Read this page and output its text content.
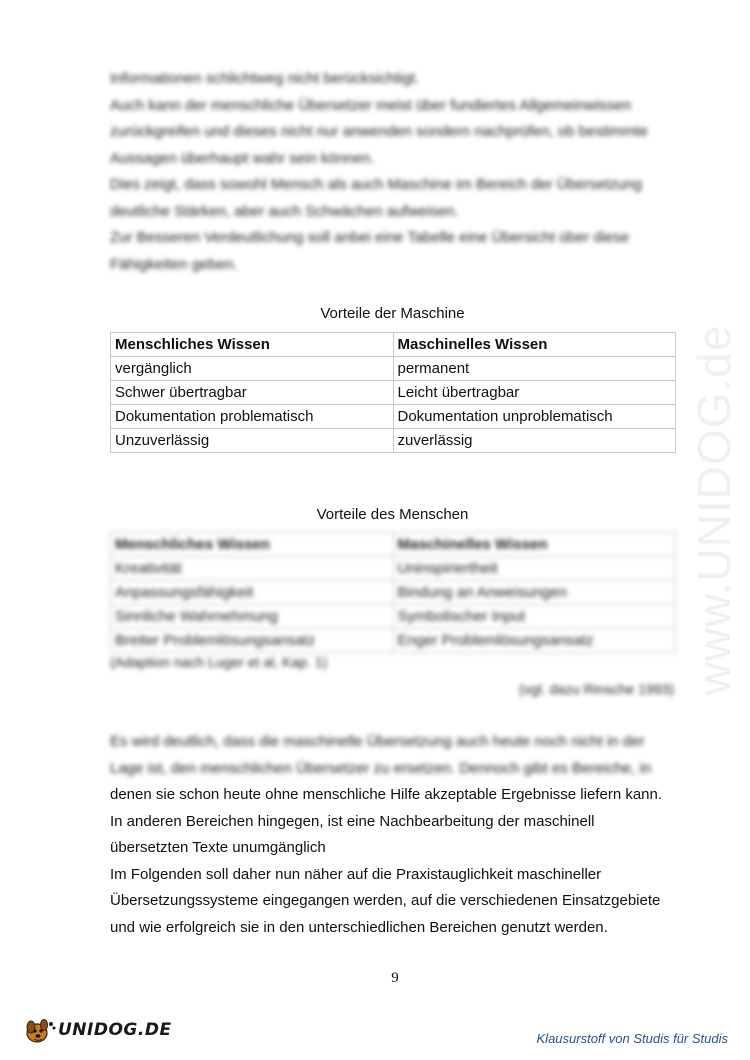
www.UNIDOG.de

Informationen schlichtweg nicht berücksichtigt.

Auch kann der menschliche Übersetzer meist über fundiertes Allgemeinwissen

zurückgreifen und dieses nicht nur anwenden sondern nachprüfen, ob bestimmte

Aussagen überhaupt wahr sein können.

Dies zeigt, dass sowohl Mensch als auch Maschine im Bereich der Übersetzung

deutliche Stärken, aber auch Schwächen aufweisen.

Zur Besseren Verdeutlichung soll anbei eine Tabelle eine Übersicht über diese

Fähigkeiten geben.

Vorteile der Maschine
Menschliches Wissen	Maschinelles Wissen
vergänglich	permanent
Schwer übertragbar	Leicht übertragbar
Dokumentation problematisch	Dokumentation unproblematisch
Unzuverlässig	zuverlässig
Vorteile des Menschen
Menschliches Wissen	Maschinelles Wissen
Kreativität	Uninspiriertheit
Anpassungsfähigkeit	Bindung an Anweisungen
Sinnliche Wahrnehmung	Symbolischer Input
Breiter Problemlösungsansatz	Enger Problemlösungsansatz
(Adaption nach Luger et al, Kap. 1)
(vgl. dazu Rinsche 1993)

Es wird deutlich, dass die maschinelle Übersetzung auch heute noch nicht in der

Lage ist, den menschlichen Übersetzer zu ersetzen. Dennoch gibt es Bereiche, in

denen sie schon heute ohne menschliche Hilfe akzeptable Ergebnisse liefern kann.

In anderen Bereichen hingegen, ist eine Nachbearbeitung der maschinell

übersetzten Texte unumgänglich

Im Folgenden soll daher nun näher auf die Praxistauglichkeit maschineller

Übersetzungssysteme eingegangen werden, auf die verschiedenen Einsatzgebiete

und wie erfolgreich sie in den unterschiedlichen Bereichen genutzt werden.

9
UNIDOG.DE	Klausurstoff von Studis für Studis
